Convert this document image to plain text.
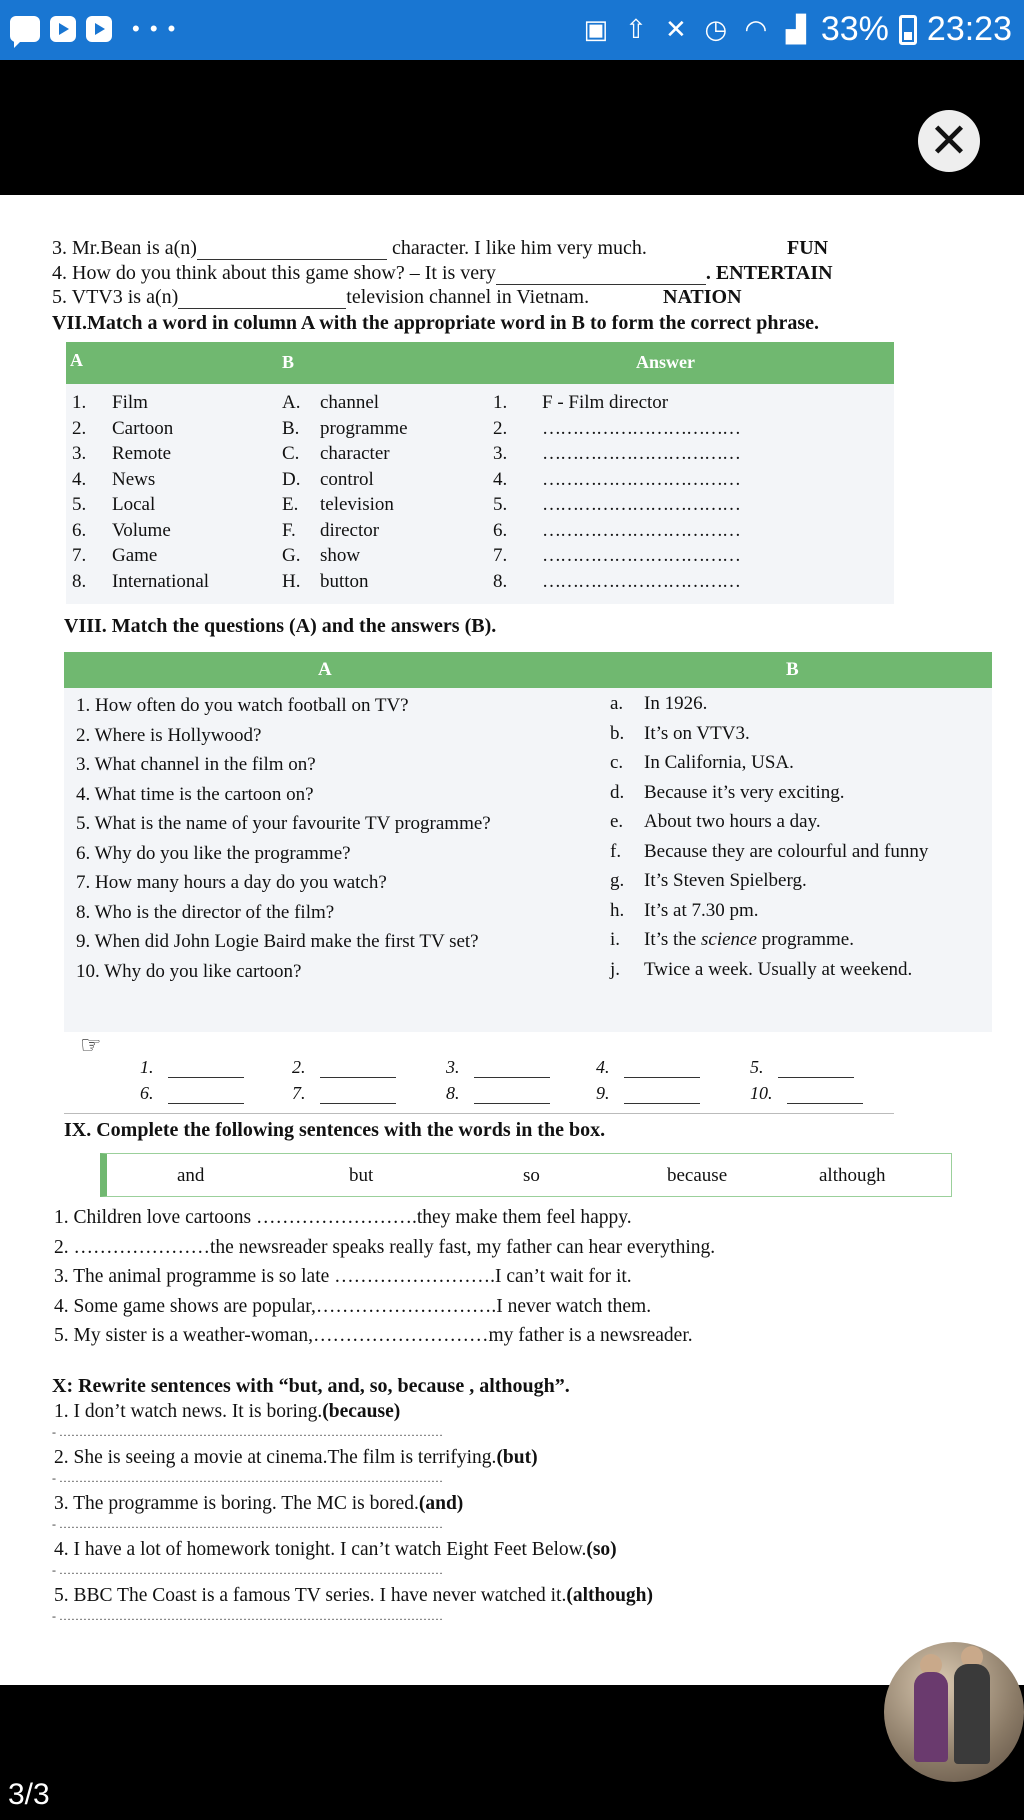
• • •	▣ ⇧ ✕ ◷ ◠ ▟ 33% 23:23
✕
3. Mr.Bean is a(n)	character. I like him very much.	FUN
4. How do you think about this game show? – It is very	. ENTERTAIN
5. VTV3 is a(n)	television channel in Vietnam.	NATION
VII.Match a word in column A with the appropriate word in B to form the correct phrase.
A	B	Answer
1. Film	A. channel	1. F - Film director
2. Cartoon	B. programme	2. ……………………………
3. Remote	C. character	3. ……………………………
4. News	D. control	4. ……………………………
5. Local	E. television	5. ……………………………
6. Volume	F. director	6. ……………………………
7. Game	G. show	7. ……………………………
8. International	H. button	8. ……………………………
VIII. Match the questions (A) and the answers (B).
A	B
1. How often do you watch football on TV?	a. In 1926.
2. Where is Hollywood?	b. It’s on VTV3.
3. What channel in the film on?	c. In California, USA.
4. What time is the cartoon on?	d. Because it’s very exciting.
5. What is the name of your favourite TV programme?	e. About two hours a day.
6. Why do you like the programme?	f. Because they are colourful and funny
7. How many hours a day do you watch?	g. It’s Steven Spielberg.
8. Who is the director of the film?	h. It’s at 7.30 pm.
9. When did John Logie Baird make the first TV set?	i. It’s the science programme.
10. Why do you like cartoon?	j. Twice a week. Usually at weekend.
☞
1.	2.	3.	4.	5.
6.	7.	8.	9.	10.
IX. Complete the following sentences with the words in the box.
and	but	so	because	although
1. Children love cartoons …………………….they make them feel happy.
2. …………………the newsreader speaks really fast, my father can hear everything.
3. The animal programme is so late …………………….I can’t wait for it.
4. Some game shows are popular,……………………….I never watch them.
5. My sister is a weather-woman,………………………my father is a newsreader.
X: Rewrite sentences with “but, and, so, because , although”.
1. I don’t watch news. It is boring.(because)
- ……………………………………………………………………………………
2. She is seeing a movie at cinema.The film is terrifying.(but)
- ……………………………………………………………………………………
3. The programme is boring. The MC is bored.(and)
- ……………………………………………………………………………………
4. I have a lot of homework tonight. I can’t watch Eight Feet Below.(so)
- ……………………………………………………………………………………
5. BBC The Coast is a famous TV series. I have never watched it.(although)
- ……………………………………………………………………………………
3/3
